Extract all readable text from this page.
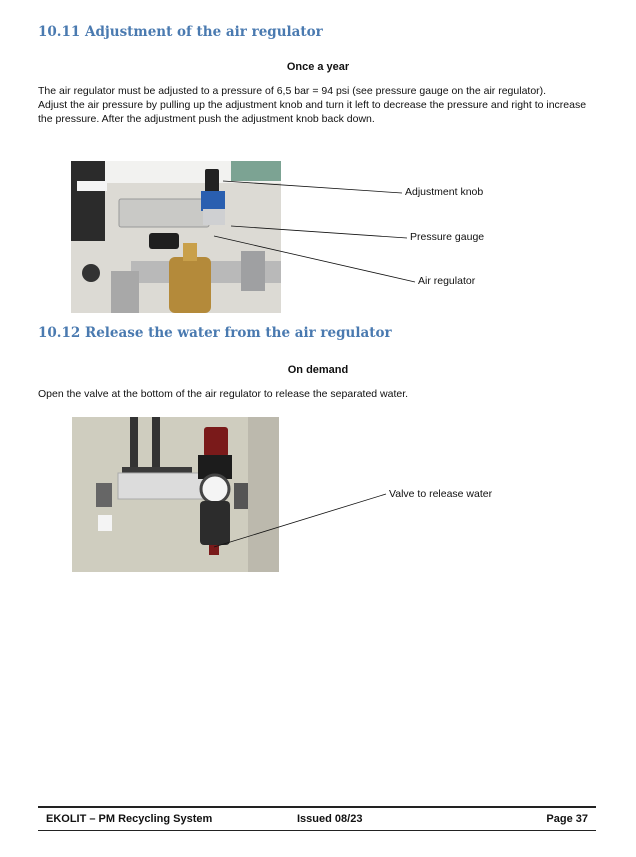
10.11 Adjustment of the air regulator
Once a year

The air regulator must be adjusted to a pressure of 6,5 bar = 94 psi (see pressure gauge on the air regulator).

Adjust the air pressure by pulling up the adjustment knob and turn it left to decrease the pressure and right to increase the pressure. After the adjustment push the adjustment knob back down.

Adjustment knob
Pressure gauge
Air regulator
10.12 Release the water from the air regulator
On demand

Open the valve at the bottom of the air regulator to release the separated water.

Valve to release water
EKOLIT – PM Recycling System	Issued 08/23	Page 37
